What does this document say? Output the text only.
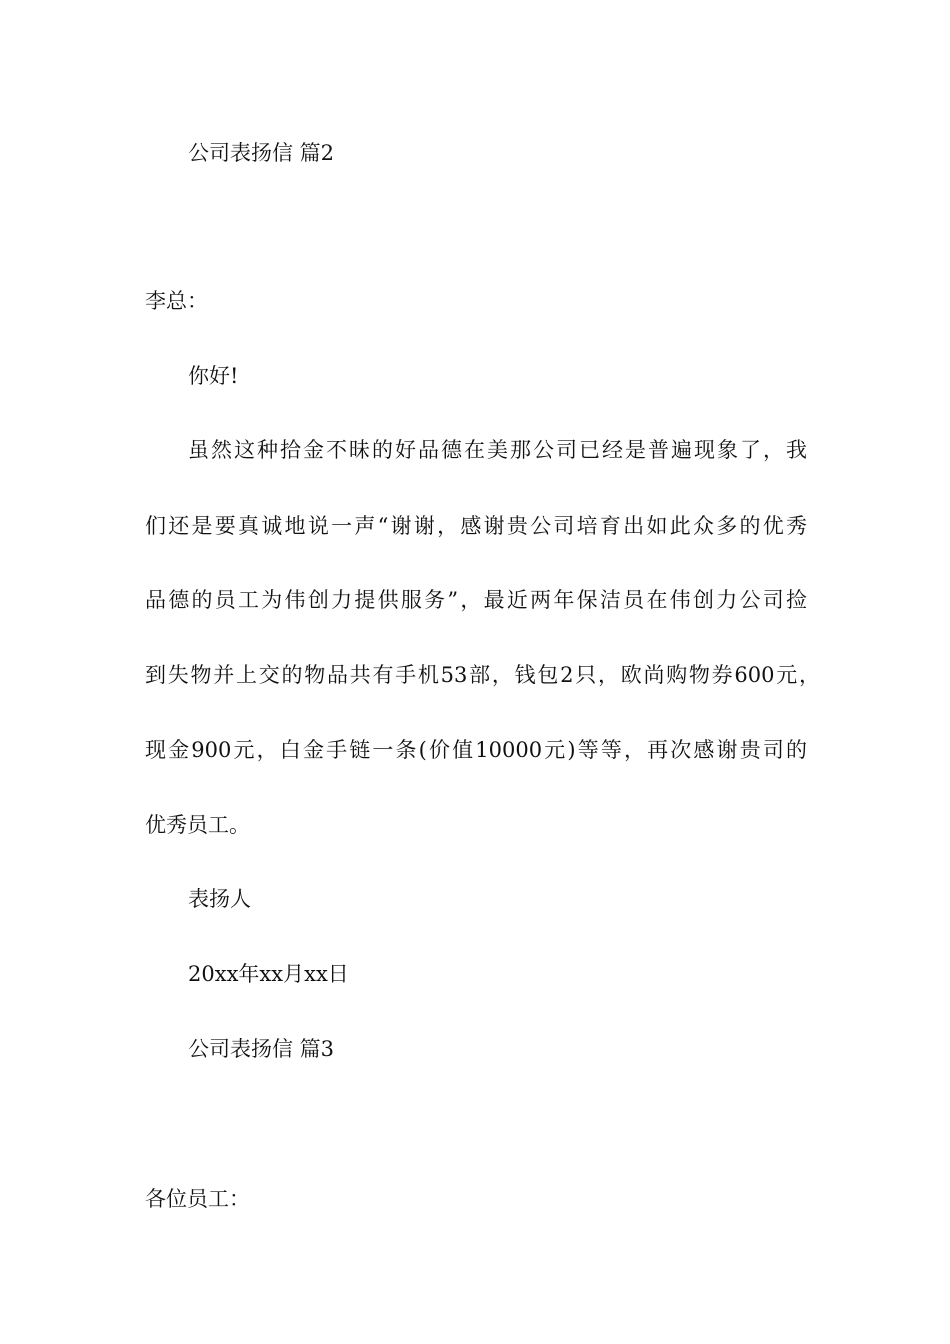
公司表扬信 篇2

李总：

你好!

虽然这种拾金不昧的好品德在美那公司已经是普遍现象了，我

们还是要真诚地说一声“谢谢，感谢贵公司培育出如此众多的优秀

品德的员工为伟创力提供服务”，最近两年保洁员在伟创力公司捡

到失物并上交的物品共有手机53部，钱包2只，欧尚购物券600元，

现金900元，白金手链一条(价值10000元)等等，再次感谢贵司的

优秀员工。

表扬人

20xx年xx月xx日

公司表扬信 篇3

各位员工：
